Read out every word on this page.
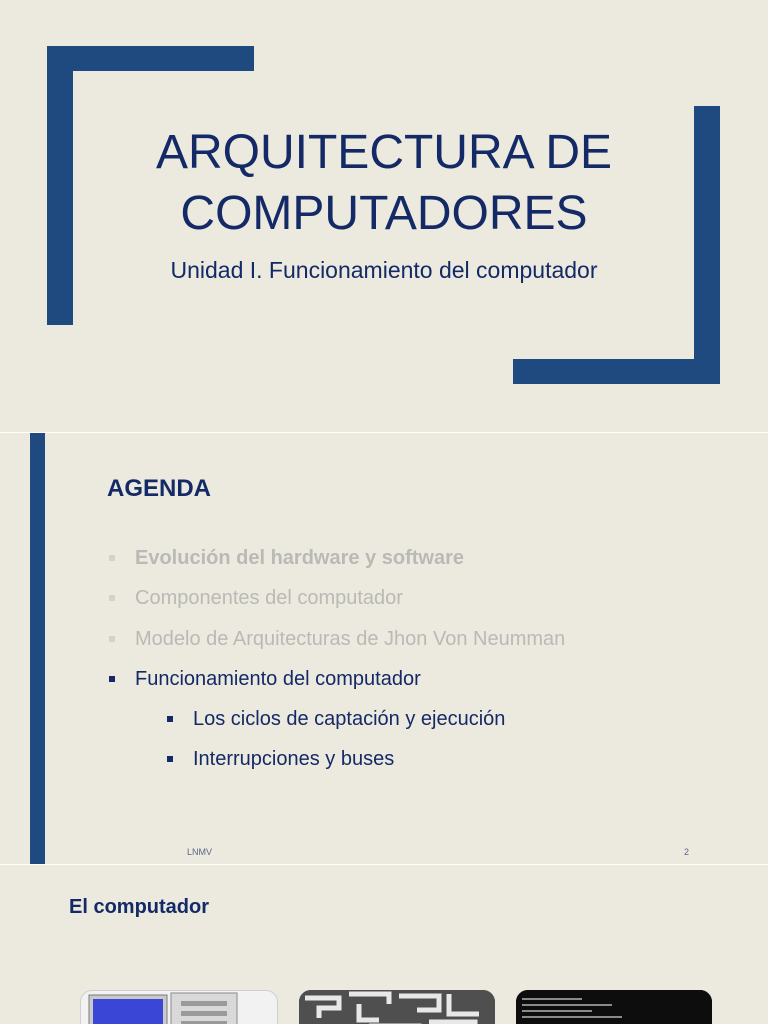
ARQUITECTURA DE
COMPUTADORES
Unidad I. Funcionamiento del computador
AGENDA
Evolución del hardware y software
Componentes del computador
Modelo de Arquitecturas de Jhon Von Neumman
Funcionamiento del computador
Los ciclos de captación y ejecución
Interrupciones y buses
LNMV	2
El computador
